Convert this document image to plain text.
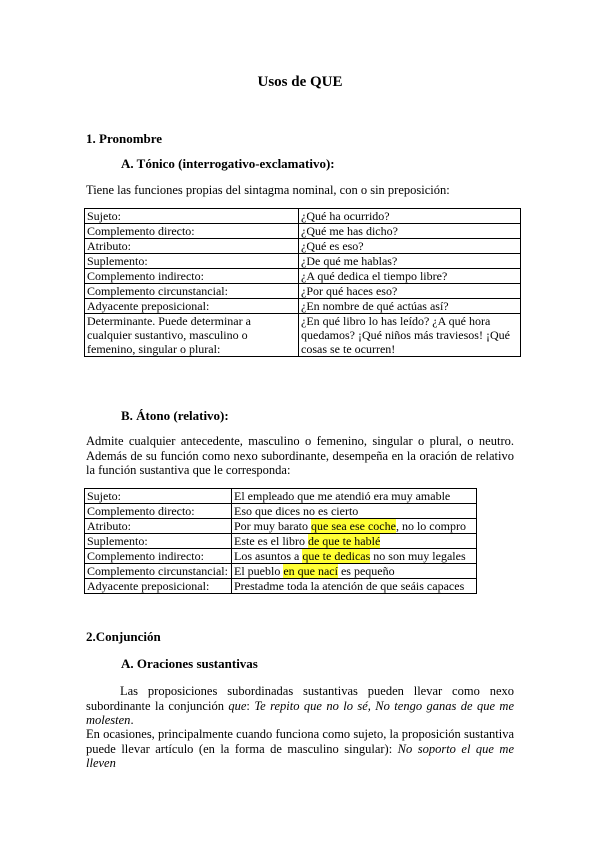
Usos de QUE
1. Pronombre
A. Tónico (interrogativo-exclamativo):
Tiene las funciones propias del sintagma nominal, con o sin preposición:
Sujeto:	¿Qué ha ocurrido?
Complemento directo:	¿Qué me has dicho?
Atributo:	¿Qué es eso?
Suplemento:	¿De qué me hablas?
Complemento indirecto:	¿A qué dedica el tiempo libre?
Complemento circunstancial:	¿Por qué haces eso?
Adyacente preposicional:	¿En nombre de qué actúas así?
Determinante. Puede determinar a cualquier sustantivo, masculino o femenino, singular o plural:	¿En qué libro lo has leído? ¿A qué hora quedamos? ¡Qué niños más traviesos! ¡Qué cosas se te ocurren!
B. Átono (relativo):
Admite cualquier antecedente, masculino o femenino, singular o plural, o neutro. Además de su función como nexo subordinante, desempeña en la oración de relativo la función sustantiva que le corresponda:
Sujeto:	El empleado que me atendió era muy amable
Complemento directo:	Eso que dices no es cierto
Atributo:	Por muy barato que sea ese coche, no lo compro
Suplemento:	Este es el libro de que te hablé
Complemento indirecto:	Los asuntos a que te dedicas no son muy legales
Complemento circunstancial:	El pueblo en que nací es pequeño
Adyacente preposicional:	Prestadme toda la atención de que seáis capaces
2.Conjunción
A. Oraciones sustantivas
Las proposiciones subordinadas sustantivas pueden llevar como nexo subordinante la conjunción que: Te repito que no lo sé, No tengo ganas de que me molesten.
En ocasiones, principalmente cuando funciona como sujeto, la proposición sustantiva puede llevar artículo (en la forma de masculino singular): No soporto el que me lleven
